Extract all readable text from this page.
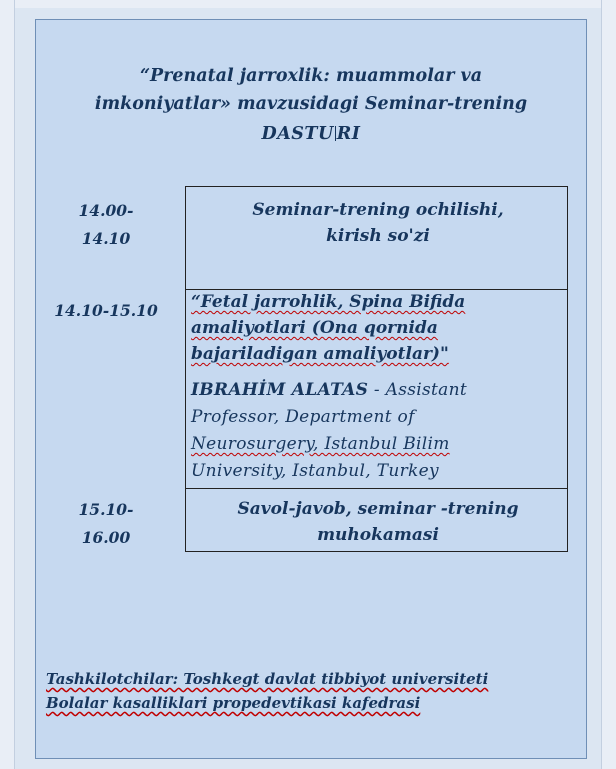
“Prenatal jarroxlik: muammolar va
imkoniyatlar» mavzusidagi Seminar-trening
DASTU RI
14.00-
14.10
Seminar-trening ochilishi,
kirish so'zi
14.10-15.10	“Fetal jarrohlik, Spina Bifida
amaliyotlari (Ona qornida
bajariladigan amaliyotlar)"
IBRAHİM ALATAS - Assistant
Professor, Department of
Neurosurgery, Istanbul Bilim
University, Istanbul, Turkey
15.10-
16.00
Savol-javob, seminar -trening
muhokamasi
Tashkilotchilar: Toshkegt davlat tibbiyot universiteti
Bolalar kasalliklari propedevtikasi kafedrasi
